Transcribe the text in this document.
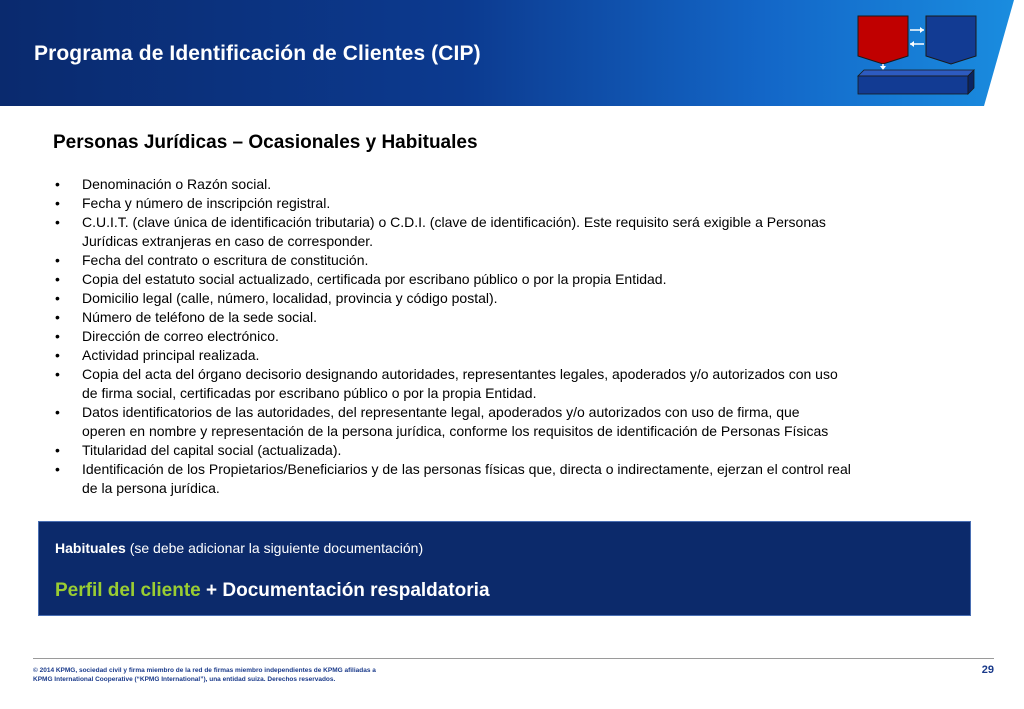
Programa de Identificación de Clientes (CIP)
Personas Jurídicas – Ocasionales y Habituales
• Denominación o Razón social.
• Fecha y número de inscripción registral.
• C.U.I.T. (clave única de identificación tributaria) o C.D.I. (clave de identificación). Este requisito será exigible a Personas
Jurídicas extranjeras en caso de corresponder.
• Fecha del contrato o escritura de constitución.
• Copia del estatuto social actualizado, certificada por escribano público o por la propia Entidad.
• Domicilio legal (calle, número, localidad, provincia y código postal).
• Número de teléfono de la sede social.
• Dirección de correo electrónico.
• Actividad principal realizada.
• Copia del acta del órgano decisorio designando autoridades, representantes legales, apoderados y/o autorizados con uso
de firma social, certificadas por escribano público o por la propia Entidad.
• Datos identificatorios de las autoridades, del representante legal, apoderados y/o autorizados con uso de firma, que
operen en nombre y representación de la persona jurídica, conforme los requisitos de identificación de Personas Físicas
• Titularidad del capital social (actualizada).
• Identificación de los Propietarios/Beneficiarios y de las personas físicas que, directa o indirectamente, ejerzan el control real
de la persona jurídica.
Habituales (se debe adicionar la siguiente documentación)
Perfil del cliente + Documentación respaldatoria
© 2014 KPMG, sociedad civil y firma miembro de la red de firmas miembro independientes de KPMG afiliadas a
KPMG International Cooperative (“KPMG International”), una entidad suiza. Derechos reservados.
29
